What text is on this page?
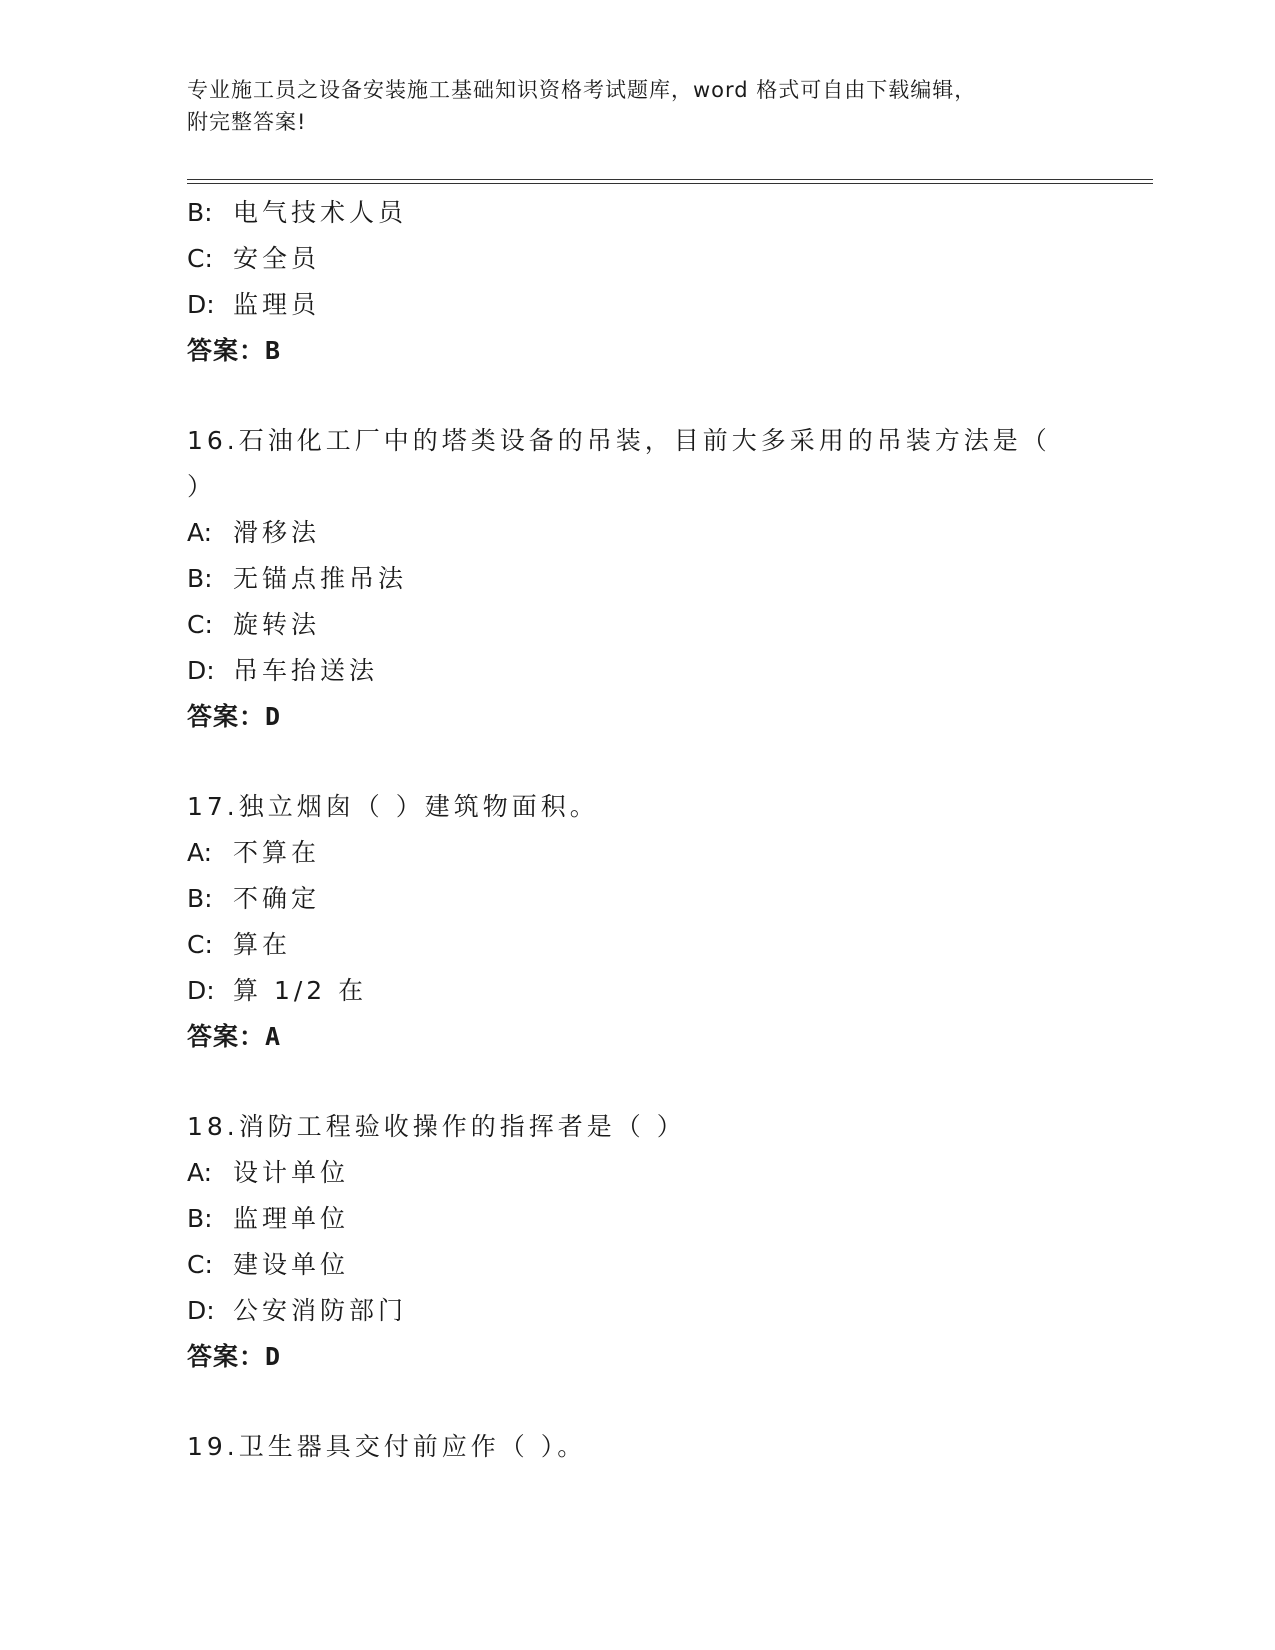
专业施工员之设备安装施工基础知识资格考试题库，word 格式可自由下载编辑，
附完整答案!
B: 电气技术人员
C: 安全员
D: 监理员
答案：B
16.石油化工厂中的塔类设备的吊装，目前大多采用的吊装方法是（
）
A: 滑移法
B: 无锚点推吊法
C: 旋转法
D: 吊车抬送法
答案：D
17.独立烟囱（ ）建筑物面积。
A: 不算在
B: 不确定
C: 算在
D: 算 1/2 在
答案：A
18.消防工程验收操作的指挥者是（ ）
A: 设计单位
B: 监理单位
C: 建设单位
D: 公安消防部门
答案：D
19.卫生器具交付前应作（ ）。
